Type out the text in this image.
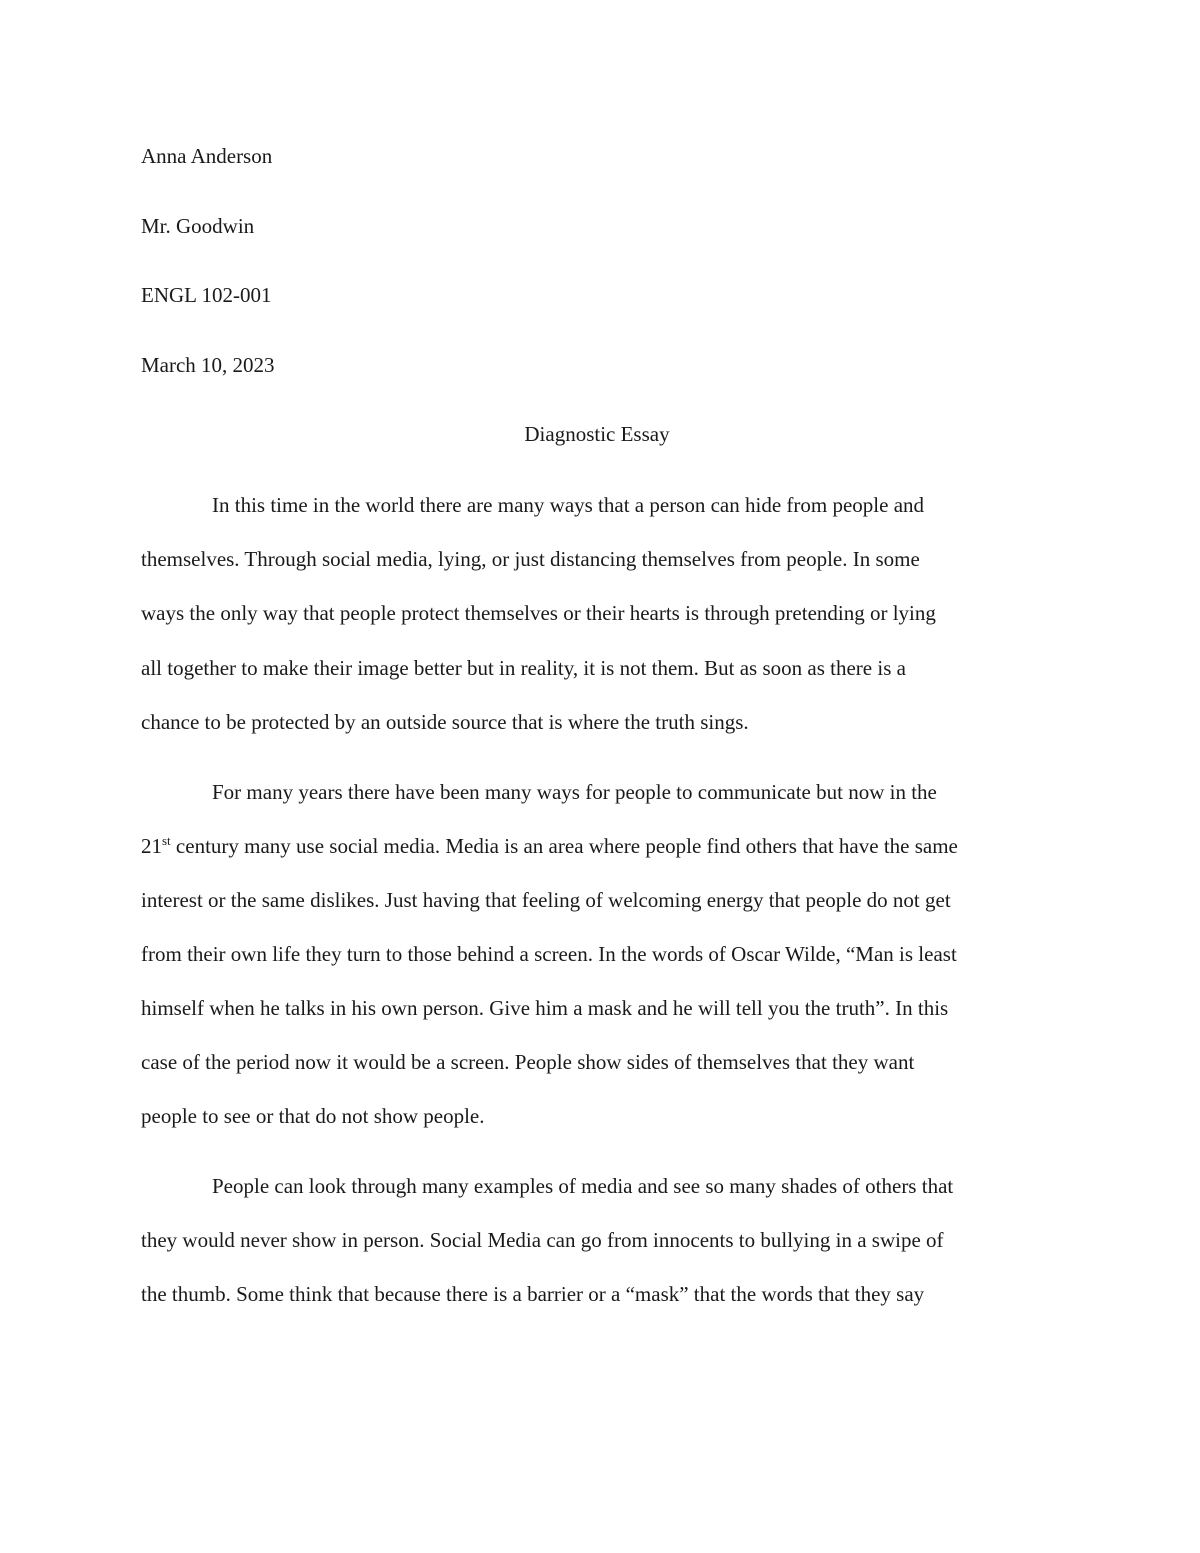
Anna Anderson
Mr. Goodwin
ENGL 102-001
March 10, 2023
Diagnostic Essay
In this time in the world there are many ways that a person can hide from people and
themselves. Through social media, lying, or just distancing themselves from people. In some
ways the only way that people protect themselves or their hearts is through pretending or lying
all together to make their image better but in reality, it is not them. But as soon as there is a
chance to be protected by an outside source that is where the truth sings.
For many years there have been many ways for people to communicate but now in the
21st century many use social media. Media is an area where people find others that have the same
interest or the same dislikes. Just having that feeling of welcoming energy that people do not get
from their own life they turn to those behind a screen. In the words of Oscar Wilde, “Man is least
himself when he talks in his own person. Give him a mask and he will tell you the truth”. In this
case of the period now it would be a screen. People show sides of themselves that they want
people to see or that do not show people.
People can look through many examples of media and see so many shades of others that
they would never show in person. Social Media can go from innocents to bullying in a swipe of
the thumb. Some think that because there is a barrier or a “mask” that the words that they say
